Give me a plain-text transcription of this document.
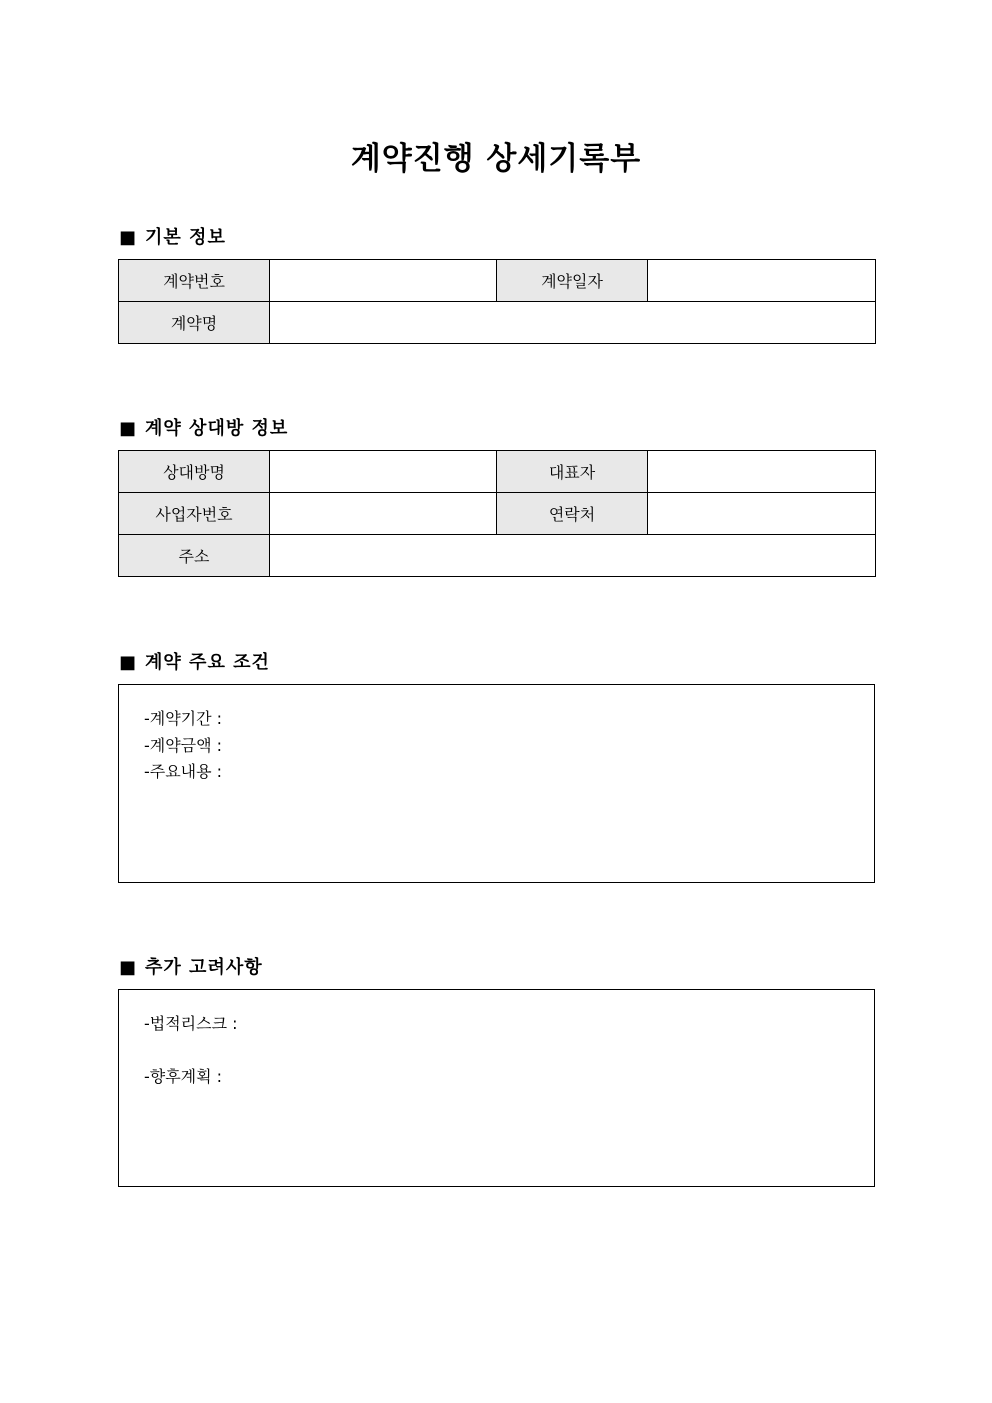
계약진행 상세기록부
■ 기본 정보
계약번호		계약일자	
계약명			
■ 계약 상대방 정보
상대방명		대표자	
사업자번호		연락처	
주소			
■ 계약 주요 조건
-계약기간 :
-계약금액 :
-주요내용 :
■ 추가 고려사항
-법적리스크 :
-향후계획 :
